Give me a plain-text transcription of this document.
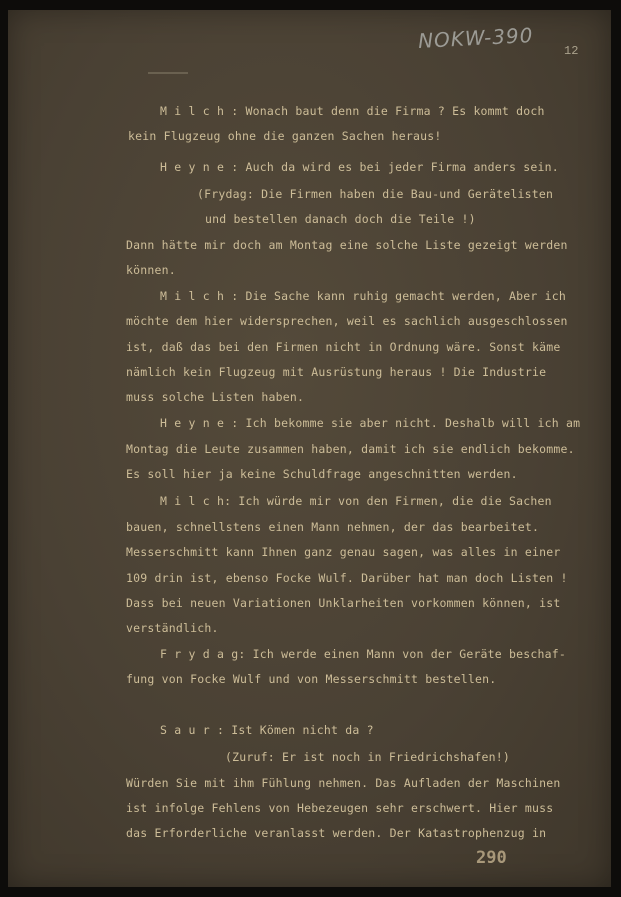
NOKW-390	12
M i l c h : Wonach baut denn die Firma ? Es kommt doch
kein Flugzeug ohne die ganzen Sachen heraus!
H e y n e : Auch da wird es bei jeder Firma anders sein.
(Frydag: Die Firmen haben die Bau-und Gerätelisten
und bestellen danach doch die Teile !)
Dann hätte mir doch am Montag eine solche Liste gezeigt werden
können.
M i l c h : Die Sache kann ruhig gemacht werden, Aber ich
möchte dem hier widersprechen, weil es sachlich ausgeschlossen
ist, daß das bei den Firmen nicht in Ordnung wäre. Sonst käme
nämlich kein Flugzeug mit Ausrüstung heraus ! Die Industrie
muss solche Listen haben.
H e y n e : Ich bekomme sie aber nicht. Deshalb will ich am
Montag die Leute zusammen haben, damit ich sie endlich bekomme.
Es soll hier ja keine Schuldfrage angeschnitten werden.
M i l c h: Ich würde mir von den Firmen, die die Sachen
bauen, schnellstens einen Mann nehmen, der das bearbeitet.
Messerschmitt kann Ihnen ganz genau sagen, was alles in einer
109 drin ist, ebenso Focke Wulf. Darüber hat man doch Listen !
Dass bei neuen Variationen Unklarheiten vorkommen können, ist
verständlich.
F r y d a g: Ich werde einen Mann von der Geräte beschaf-
fung von Focke Wulf und von Messerschmitt bestellen.
S a u r : Ist Kömen nicht da ?
(Zuruf: Er ist noch in Friedrichshafen!)
Würden Sie mit ihm Fühlung nehmen. Das Aufladen der Maschinen
ist infolge Fehlens von Hebezeugen sehr erschwert. Hier muss
das Erforderliche veranlasst werden. Der Katastrophenzug in
290
